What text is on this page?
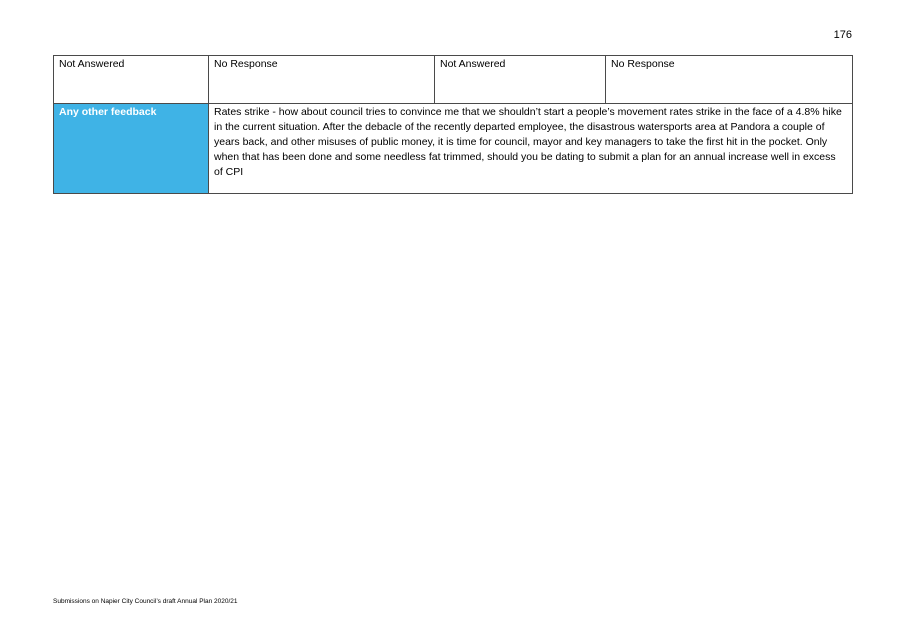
176
Not Answered	No Response	Not Answered	No Response
Any other feedback	Rates strike - how about council tries to convince me that we shouldn’t start a people’s movement rates strike in the face of a 4.8% hike in the current situation. After the debacle of the recently departed employee, the disastrous watersports area at Pandora a couple of years back, and other misuses of public money, it is time for council, mayor and key managers to take the first hit in the pocket. Only when that has been done and some needless fat trimmed, should you be dating to submit a plan for an annual increase well in excess of CPI		
Submissions on Napier City Council’s draft Annual Plan 2020/21
